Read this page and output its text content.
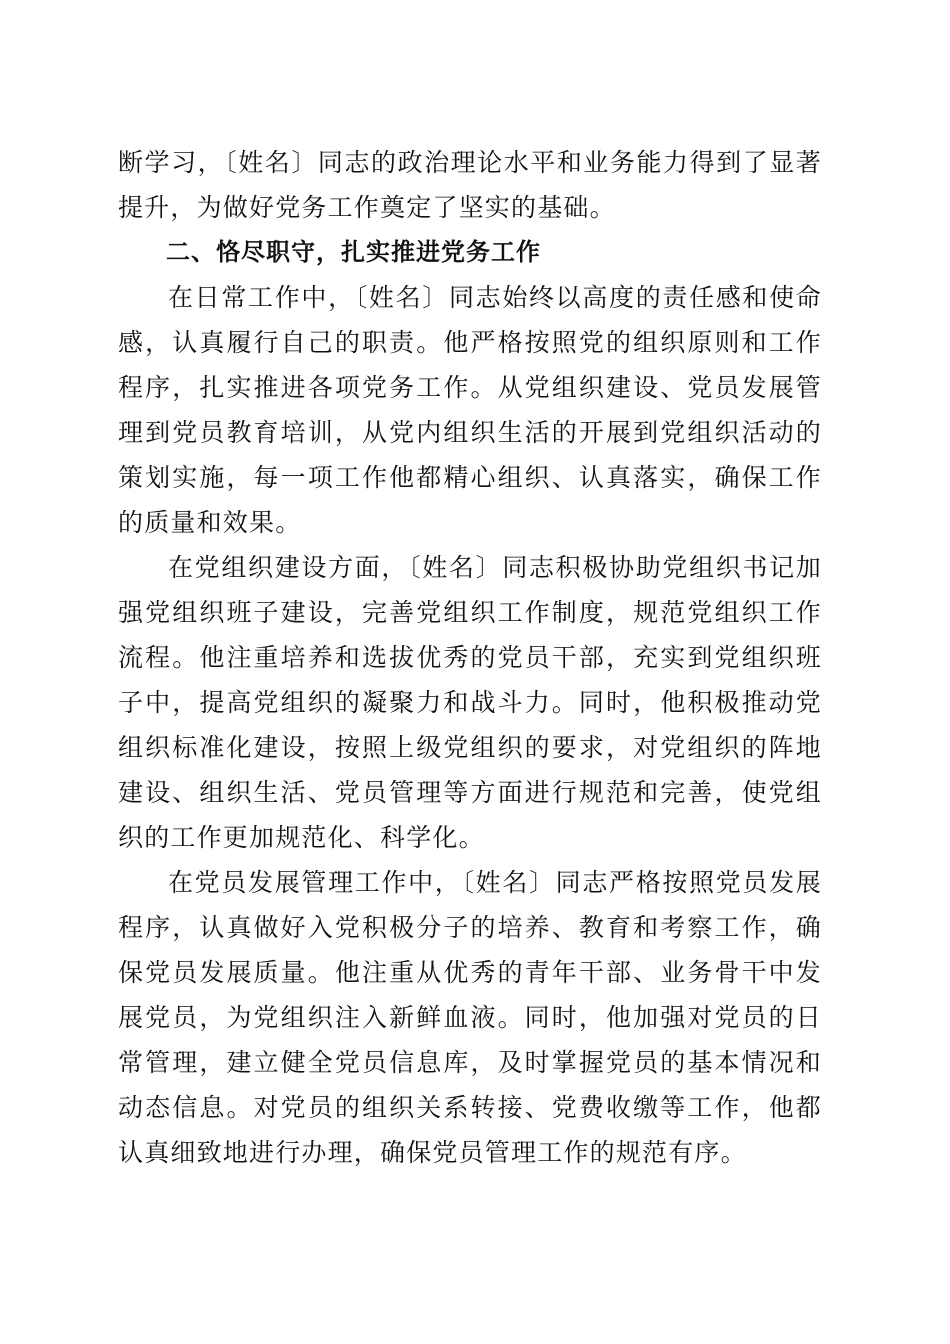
断学习，〔姓名〕同志的政治理论水平和业务能力得到了显著提升，为做好党务工作奠定了坚实的基础。

二、恪尽职守，扎实推进党务工作

在日常工作中，〔姓名〕同志始终以高度的责任感和使命感，认真履行自己的职责。他严格按照党的组织原则和工作程序，扎实推进各项党务工作。从党组织建设、党员发展管理到党员教育培训，从党内组织生活的开展到党组织活动的策划实施，每一项工作他都精心组织、认真落实，确保工作的质量和效果。

在党组织建设方面，〔姓名〕同志积极协助党组织书记加强党组织班子建设，完善党组织工作制度，规范党组织工作流程。他注重培养和选拔优秀的党员干部，充实到党组织班子中，提高党组织的凝聚力和战斗力。同时，他积极推动党组织标准化建设，按照上级党组织的要求，对党组织的阵地建设、组织生活、党员管理等方面进行规范和完善，使党组织的工作更加规范化、科学化。

在党员发展管理工作中，〔姓名〕同志严格按照党员发展程序，认真做好入党积极分子的培养、教育和考察工作，确保党员发展质量。他注重从优秀的青年干部、业务骨干中发展党员，为党组织注入新鲜血液。同时，他加强对党员的日常管理，建立健全党员信息库，及时掌握党员的基本情况和动态信息。对党员的组织关系转接、党费收缴等工作，他都认真细致地进行办理，确保党员管理工作的规范有序。
